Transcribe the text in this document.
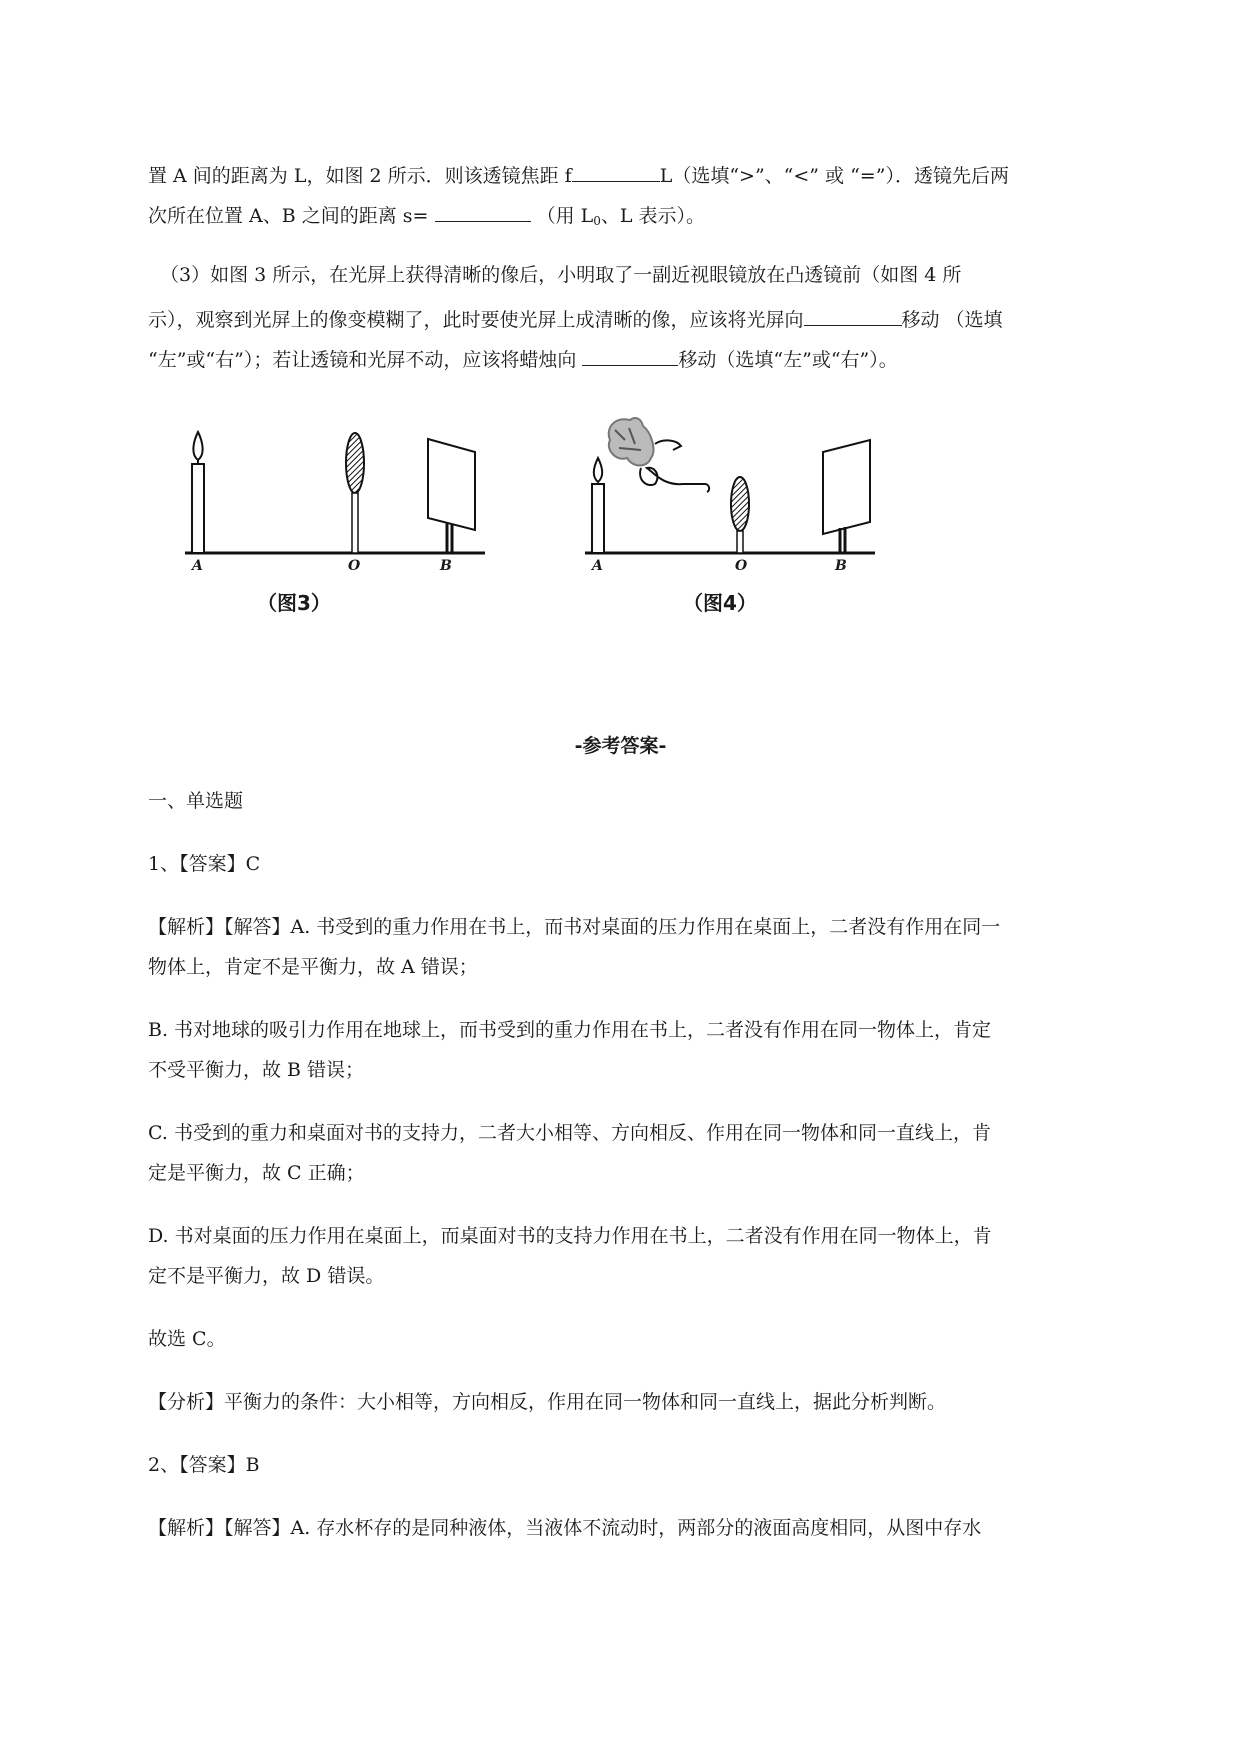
置 A 间的距离为 L，如图 2 所示．则该透镜焦距 f	L（选填“>”、“<” 或 “=”）．透镜先后两
次所在位置 A、B 之间的距离 s=	（用 $L_0$、L 表示）。
（3）如图 3 所示，在光屏上获得清晰的像后，小明取了一副近视眼镜放在凸透镜前（如图 4 所
示），观察到光屏上的像变模糊了，此时要使光屏上成清晰的像，应该将光屏向	移动 （选填
“左”或“右”）；若让透镜和光屏不动，应该将蜡烛向	移动（选填“左”或“右”）。
A	O	B
（图3）
A	O	B
（图4）
-参考答案-
一、单选题
1、【答案】C
【解析】【解答】A. 书受到的重力作用在书上，而书对桌面的压力作用在桌面上，二者没有作用在同一
物体上，肯定不是平衡力，故 A 错误；
B. 书对地球的吸引力作用在地球上，而书受到的重力作用在书上，二者没有作用在同一物体上，肯定
不受平衡力，故 B 错误；
C. 书受到的重力和桌面对书的支持力，二者大小相等、方向相反、作用在同一物体和同一直线上，肯
定是平衡力，故 C 正确；
D. 书对桌面的压力作用在桌面上，而桌面对书的支持力作用在书上，二者没有作用在同一物体上，肯
定不是平衡力，故 D 错误。
故选 C。
【分析】平衡力的条件：大小相等，方向相反，作用在同一物体和同一直线上，据此分析判断。
2、【答案】B
【解析】【解答】A. 存水杯存的是同种液体，当液体不流动时，两部分的液面高度相同，从图中存水
